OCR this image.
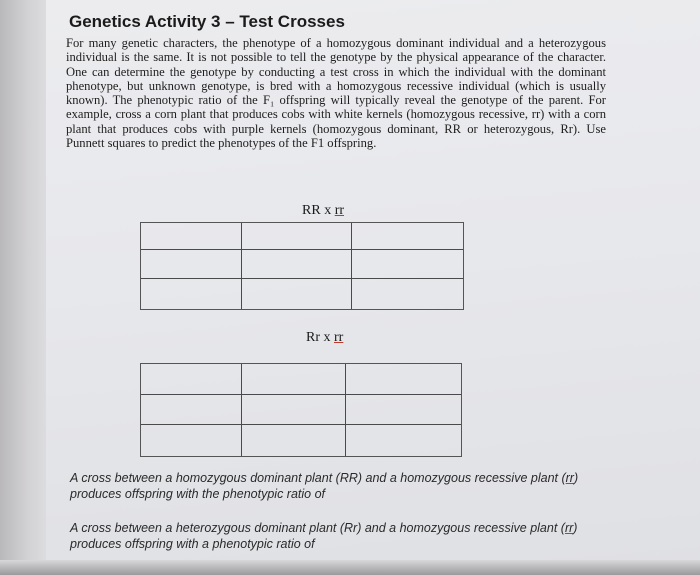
Genetics Activity 3 – Test Crosses

For many genetic characters, the phenotype of a homozygous dominant individual and a heterozygous individual is the same. It is not possible to tell the genotype by the physical appearance of the character. One can determine the genotype by conducting a test cross in which the individual with the dominant phenotype, but unknown genotype, is bred with a homozygous recessive individual (which is usually known). The phenotypic ratio of the F₁ offspring will typically reveal the genotype of the parent. For example, cross a corn plant that produces cobs with white kernels (homozygous recessive, rr) with a corn plant that produces cobs with purple kernels (homozygous dominant, RR or heterozygous, Rr). Use Punnett squares to predict the phenotypes of the F1 offspring.

RR x rr
Rr x rr
A cross between a homozygous dominant plant (RR) and a homozygous recessive plant (rr) produces offspring with the phenotypic ratio of
A cross between a heterozygous dominant plant (Rr) and a homozygous recessive plant (rr) produces offspring with a phenotypic ratio of
